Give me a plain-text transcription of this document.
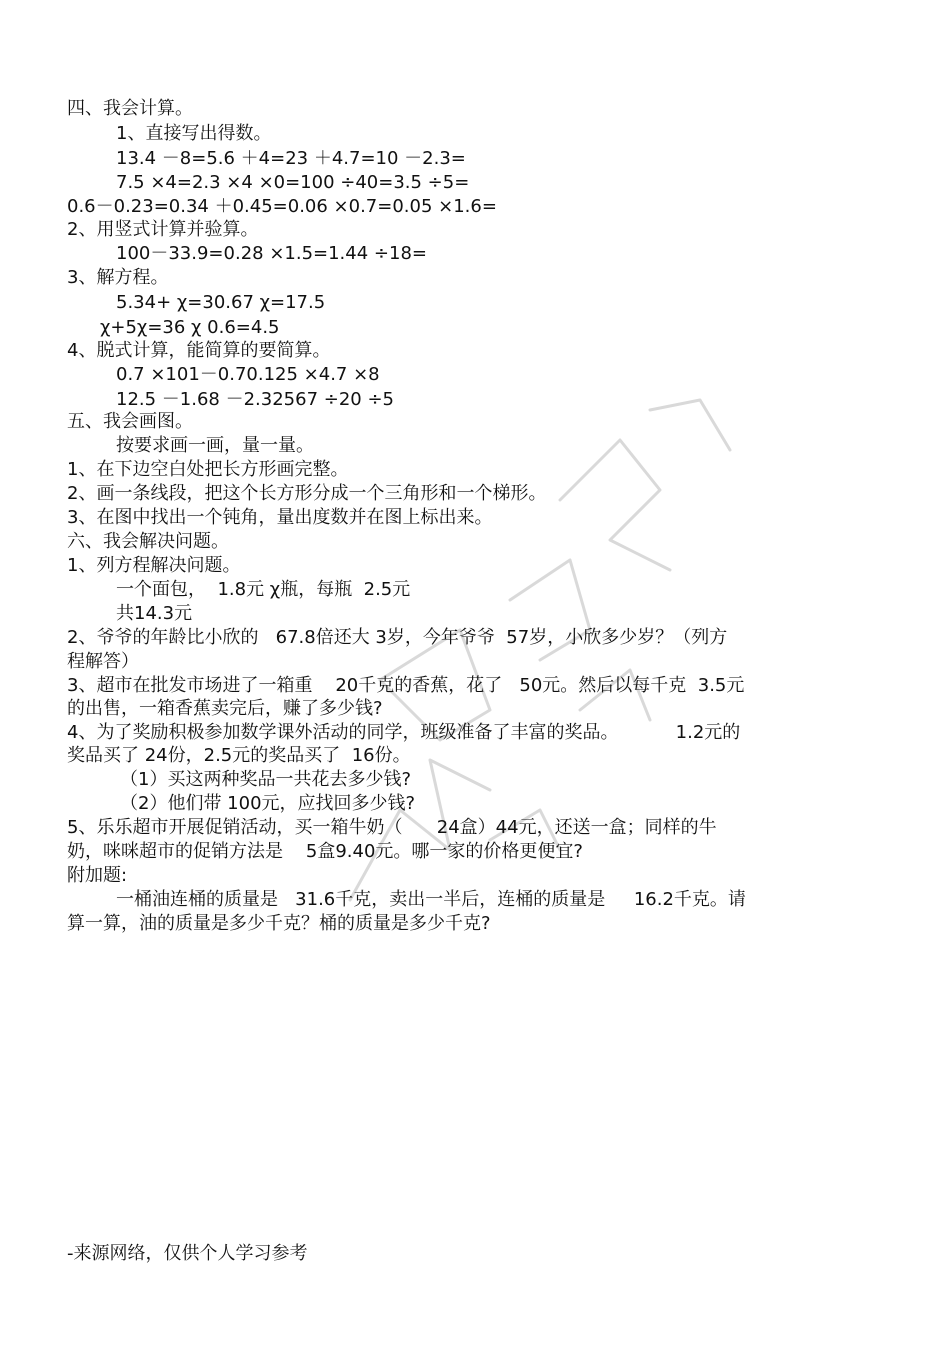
四、我会计算。
1、直接写出得数。
13.4 －8=5.6 ＋4=23 ＋4.7=10 －2.3=
7.5 ×4=2.3 ×4 ×0=100 ÷40=3.5 ÷5=
0.6－0.23=0.34 ＋0.45=0.06 ×0.7=0.05 ×1.6=
2、用竖式计算并验算。
100－33.9=0.28 ×1.5=1.44 ÷18=
3、解方程。
5.34+ χ=30.67 χ=17.5
χ+5χ=36 χ 0.6=4.5
4、脱式计算，能简算的要简算。
0.7 ×101－0.70.125 ×4.7 ×8
12.5 －1.68 －2.32567 ÷20 ÷5
五、我会画图。
按要求画一画，量一量。
1、在下边空白处把长方形画完整。
2、画一条线段，把这个长方形分成一个三角形和一个梯形。
3、在图中找出一个钝角，量出度数并在图上标出来。
六、我会解决问题。
1、列方程解决问题。
一个面包，  1.8元 χ瓶，每瓶  2.5元
共14.3元
2、爷爷的年龄比小欣的   67.8倍还大 3岁，今年爷爷  57岁，小欣多少岁？（列方
程解答）
3、超市在批发市场进了一箱重    20千克的香蕉，花了   50元。然后以每千克  3.5元
的出售，一箱香蕉卖完后，赚了多少钱?
4、为了奖励积极参加数学课外活动的同学，班级准备了丰富的奖品。          1.2元的
奖品买了 24份，2.5元的奖品买了  16份。
（1）买这两种奖品一共花去多少钱?
（2）他们带 100元，应找回多少钱?
5、乐乐超市开展促销活动，买一箱牛奶（      24盒）44元，还送一盒；同样的牛
奶，咪咪超市的促销方法是    5盒9.40元。哪一家的价格更便宜?
附加题:
一桶油连桶的质量是   31.6千克，卖出一半后，连桶的质量是     16.2千克。请
算一算，油的质量是多少千克？桶的质量是多少千克?
-来源网络，仅供个人学习参考
